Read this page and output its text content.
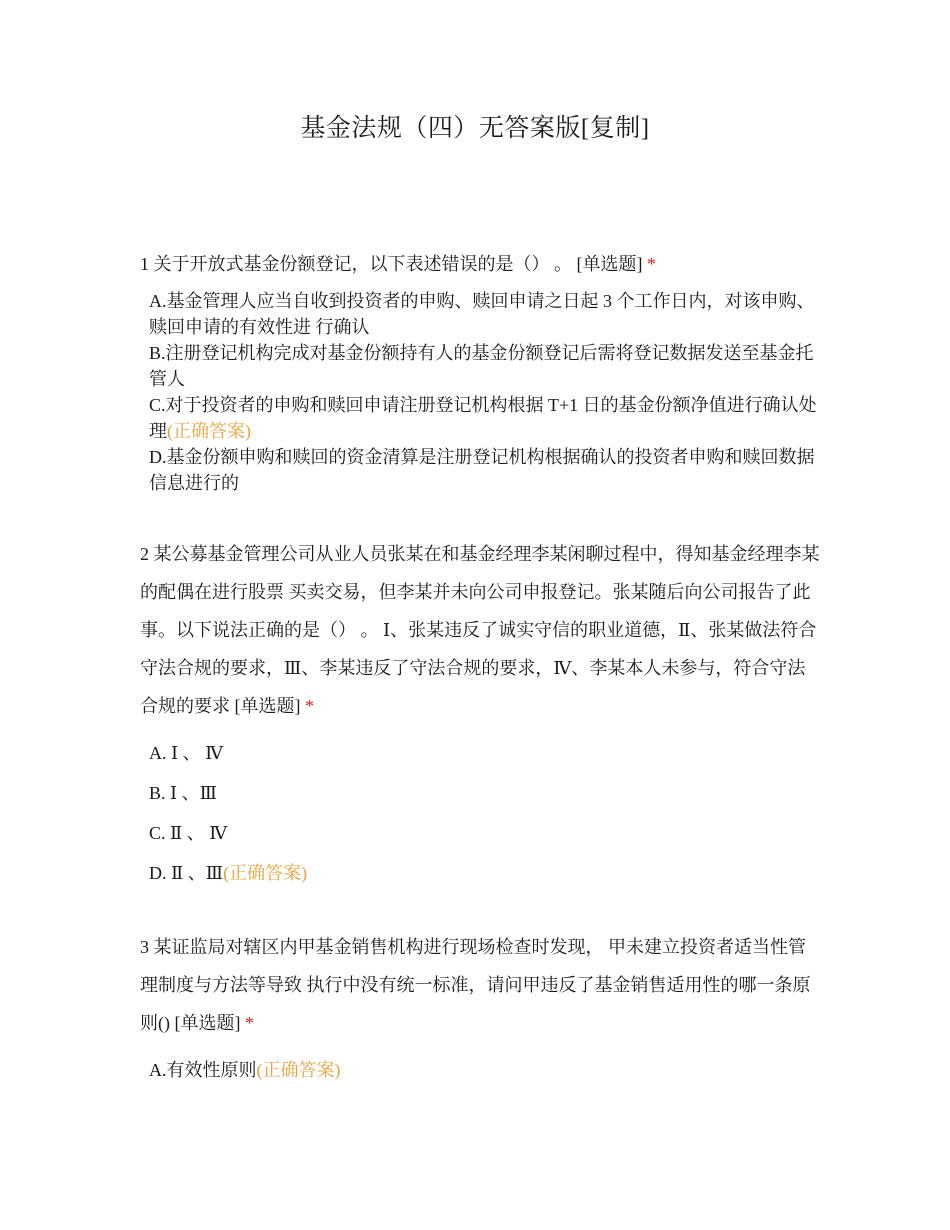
基金法规（四）无答案版[复制]
1 关于开放式基金份额登记，以下表述错误的是（） 。 [单选题] *
A.基金管理人应当自收到投资者的申购、赎回申请之日起 3 个工作日内，对该申购、赎回申请的有效性进 行确认
B.注册登记机构完成对基金份额持有人的基金份额登记后需将登记数据发送至基金托管人
C.对于投资者的申购和赎回申请注册登记机构根据 T+1 日的基金份额净值进行确认处理(正确答案)
D.基金份额申购和赎回的资金清算是注册登记机构根据确认的投资者申购和赎回数据信息进行的
2 某公募基金管理公司从业人员张某在和基金经理李某闲聊过程中，得知基金经理李某的配偶在进行股票 买卖交易，但李某并未向公司申报登记。张某随后向公司报告了此事。以下说法正确的是（） 。 Ⅰ、张某违反了诚实守信的职业道德，Ⅱ、张某做法符合守法合规的要求，Ⅲ、李某违反了守法合规的要求，Ⅳ、李某本人未参与，符合守法合规的要求 [单选题] *
A. Ⅰ 、 Ⅳ
B. Ⅰ 、Ⅲ
C. Ⅱ 、 Ⅳ
D. Ⅱ 、Ⅲ(正确答案)
3 某证监局对辖区内甲基金销售机构进行现场检查时发现， 甲未建立投资者适当性管理制度与方法等导致 执行中没有统一标准，请问甲违反了基金销售适用性的哪一条原则() [单选题] *
A.有效性原则(正确答案)
